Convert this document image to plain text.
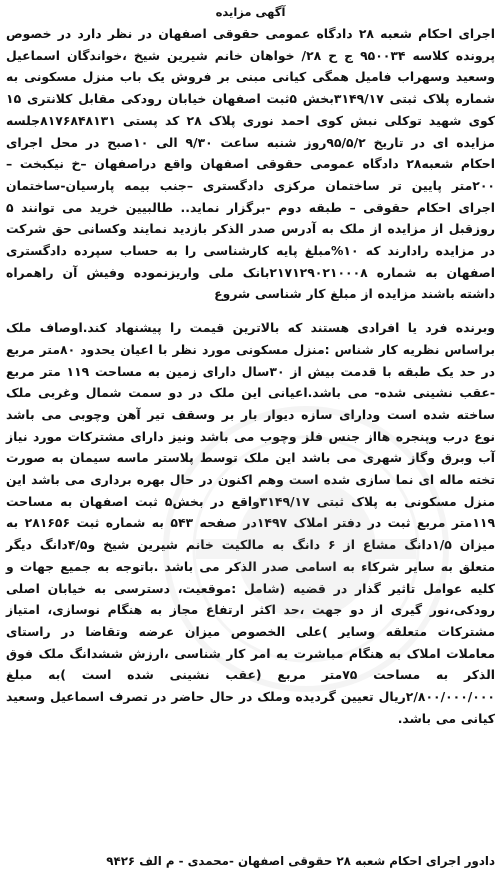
آگهی مزایده

اجرای احکام شعبه ۲۸ دادگاه عمومی حقوقی اصفهان در نظر دارد در خصوص پرونده کلاسه ۹۵۰۰۳۴ ج ح ۲۸/ خواهان خانم شیرین شیخ ،خواندگان اسماعیل وسعید وسهراب فامیل همگی کیانی مبنی بر فروش یک باب منزل مسکونی به شماره پلاک ثبتی ۳۱۴۹/۱۷بخش ۵ثبت اصفهان خیابان رودکی مقابل کلانتری ۱۵ کوی شهید توکلی نبش کوی احمد نوری پلاک ۲۸ کد پستی ۸۱۷۶۸۴۸۱۳۱جلسه مزایده ای در تاریخ ۹۵/۵/۲روز شنبه ساعت ۹/۳۰ الی ۱۰صبح در محل اجرای احکام شعبه۲۸ دادگاه عمومی حقوقی اصفهان واقع دراصفهان –خ نیکبخت –۲۰۰متر پایین تر ساختمان مرکزی دادگستری –جنب بیمه پارسیان-ساختمان اجرای احکام حقوقی – طبقه دوم -برگزار نماید.. طالبیین خرید می توانند ۵ روزقبل از مزایده از ملک به آدرس صدر الذکر بازدید نمایند وکسانی حق شرکت در مزایده رادارند که ۱۰%مبلغ پایه کارشناسی را به حساب سپرده دادگستری اصفهان به شماره ۲۱۷۱۲۹۰۲۱۰۰۰۸بانک ملی واریزنموده وفیش آن راهمراه داشته باشند مزایده از مبلغ کار شناسی شروع

وبرنده فرد یا افرادی هستند که بالاترین قیمت را پیشنهاد کند.اوصاف ملک براساس نظریه کار شناس :منزل مسکونی مورد نظر با اعیان یحدود ۸۰متر مربع در حد یک طبقه با قدمت بیش از ۳۰سال دارای زمین به مساحت ۱۱۹ متر مربع -عقب نشینی شده- می باشد.اعیانی این ملک در دو سمت شمال وغربی ملک ساخته شده است ودارای سازه دیوار بار بر وسقف تیر آهن وچوبی می باشد نوع درب وپنجره هااز جنس فلز وچوب می باشد ونیز دارای مشترکات مورد نیاز آب وبرق وگاز شهری می باشد این ملک توسط پلاستر ماسه سیمان به صورت تخته ماله ای نما سازی شده است وهم اکنون در حال بهره برداری می باشد این منزل مسکونی به پلاک ثبتی ۳۱۴۹/۱۷واقع در بخش۵ ثبت اصفهان به مساحت ۱۱۹متر مربع ثبت در دفتر املاک ۱۴۹۷در صفحه ۵۴۳ به شماره ثبت ۲۸۱۶۵۶ به میزان ۱/۵دانگ مشاع از ۶ دانگ به مالکیت خانم شیرین شیخ و۴/۵دانگ دیگر متعلق به سایر شرکاء به اسامی صدر الذکر می باشد .باتوجه به جمیع جهات و کلیه عوامل تاثیر گذار در قضیه (شامل :موقعیت، دسترسی به خیابان اصلی رودکی،نور گیری از دو جهت ،حد اکثر ارتفاع مجاز به هنگام نوسازی، امتیاز مشترکات متعلقه وسایر )علی الخصوص میزان عرضه وتقاضا در راستای معاملات املاک به هنگام مباشرت به امر کار شناسی ،ارزش ششدانگ ملک فوق الذکر به مساحت ۷۵متر مربع (عقب نشینی شده است )به مبلغ ۲/۸۰۰/۰۰۰/۰۰۰ریال تعیین گردیده وملک در حال حاضر در تصرف اسماعیل وسعید کیانی می باشد.

دادور اجرای احکام شعبه ۲۸ حقوقی اصفهان -محمدی - م الف ۹۴۲۶
